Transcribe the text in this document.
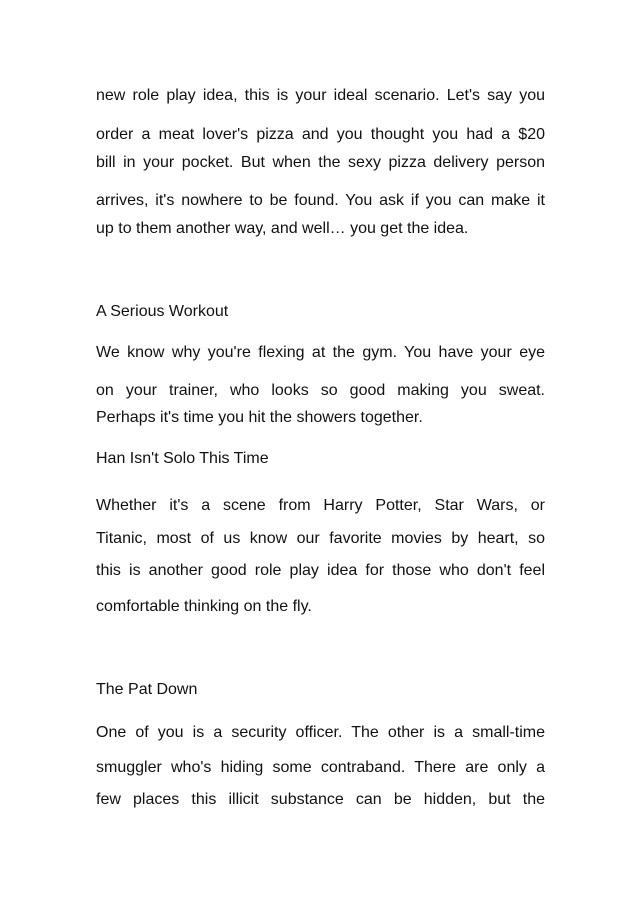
new role play idea, this is your ideal scenario. Let's say you
order a meat lover's pizza and you thought you had a $20
bill in your pocket. But when the sexy pizza delivery person
arrives, it's nowhere to be found. You ask if you can make it
up to them another way, and well… you get the idea.
A Serious Workout
We know why you're flexing at the gym. You have your eye
on your trainer, who looks so good making you sweat.
Perhaps it's time you hit the showers together.
Han Isn't Solo This Time
Whether it's a scene from Harry Potter, Star Wars, or
Titanic, most of us know our favorite movies by heart, so
this is another good role play idea for those who don't feel
comfortable thinking on the fly.
The Pat Down
One of you is a security officer. The other is a small-time
smuggler who's hiding some contraband. There are only a
few places this illicit substance can be hidden, but the
